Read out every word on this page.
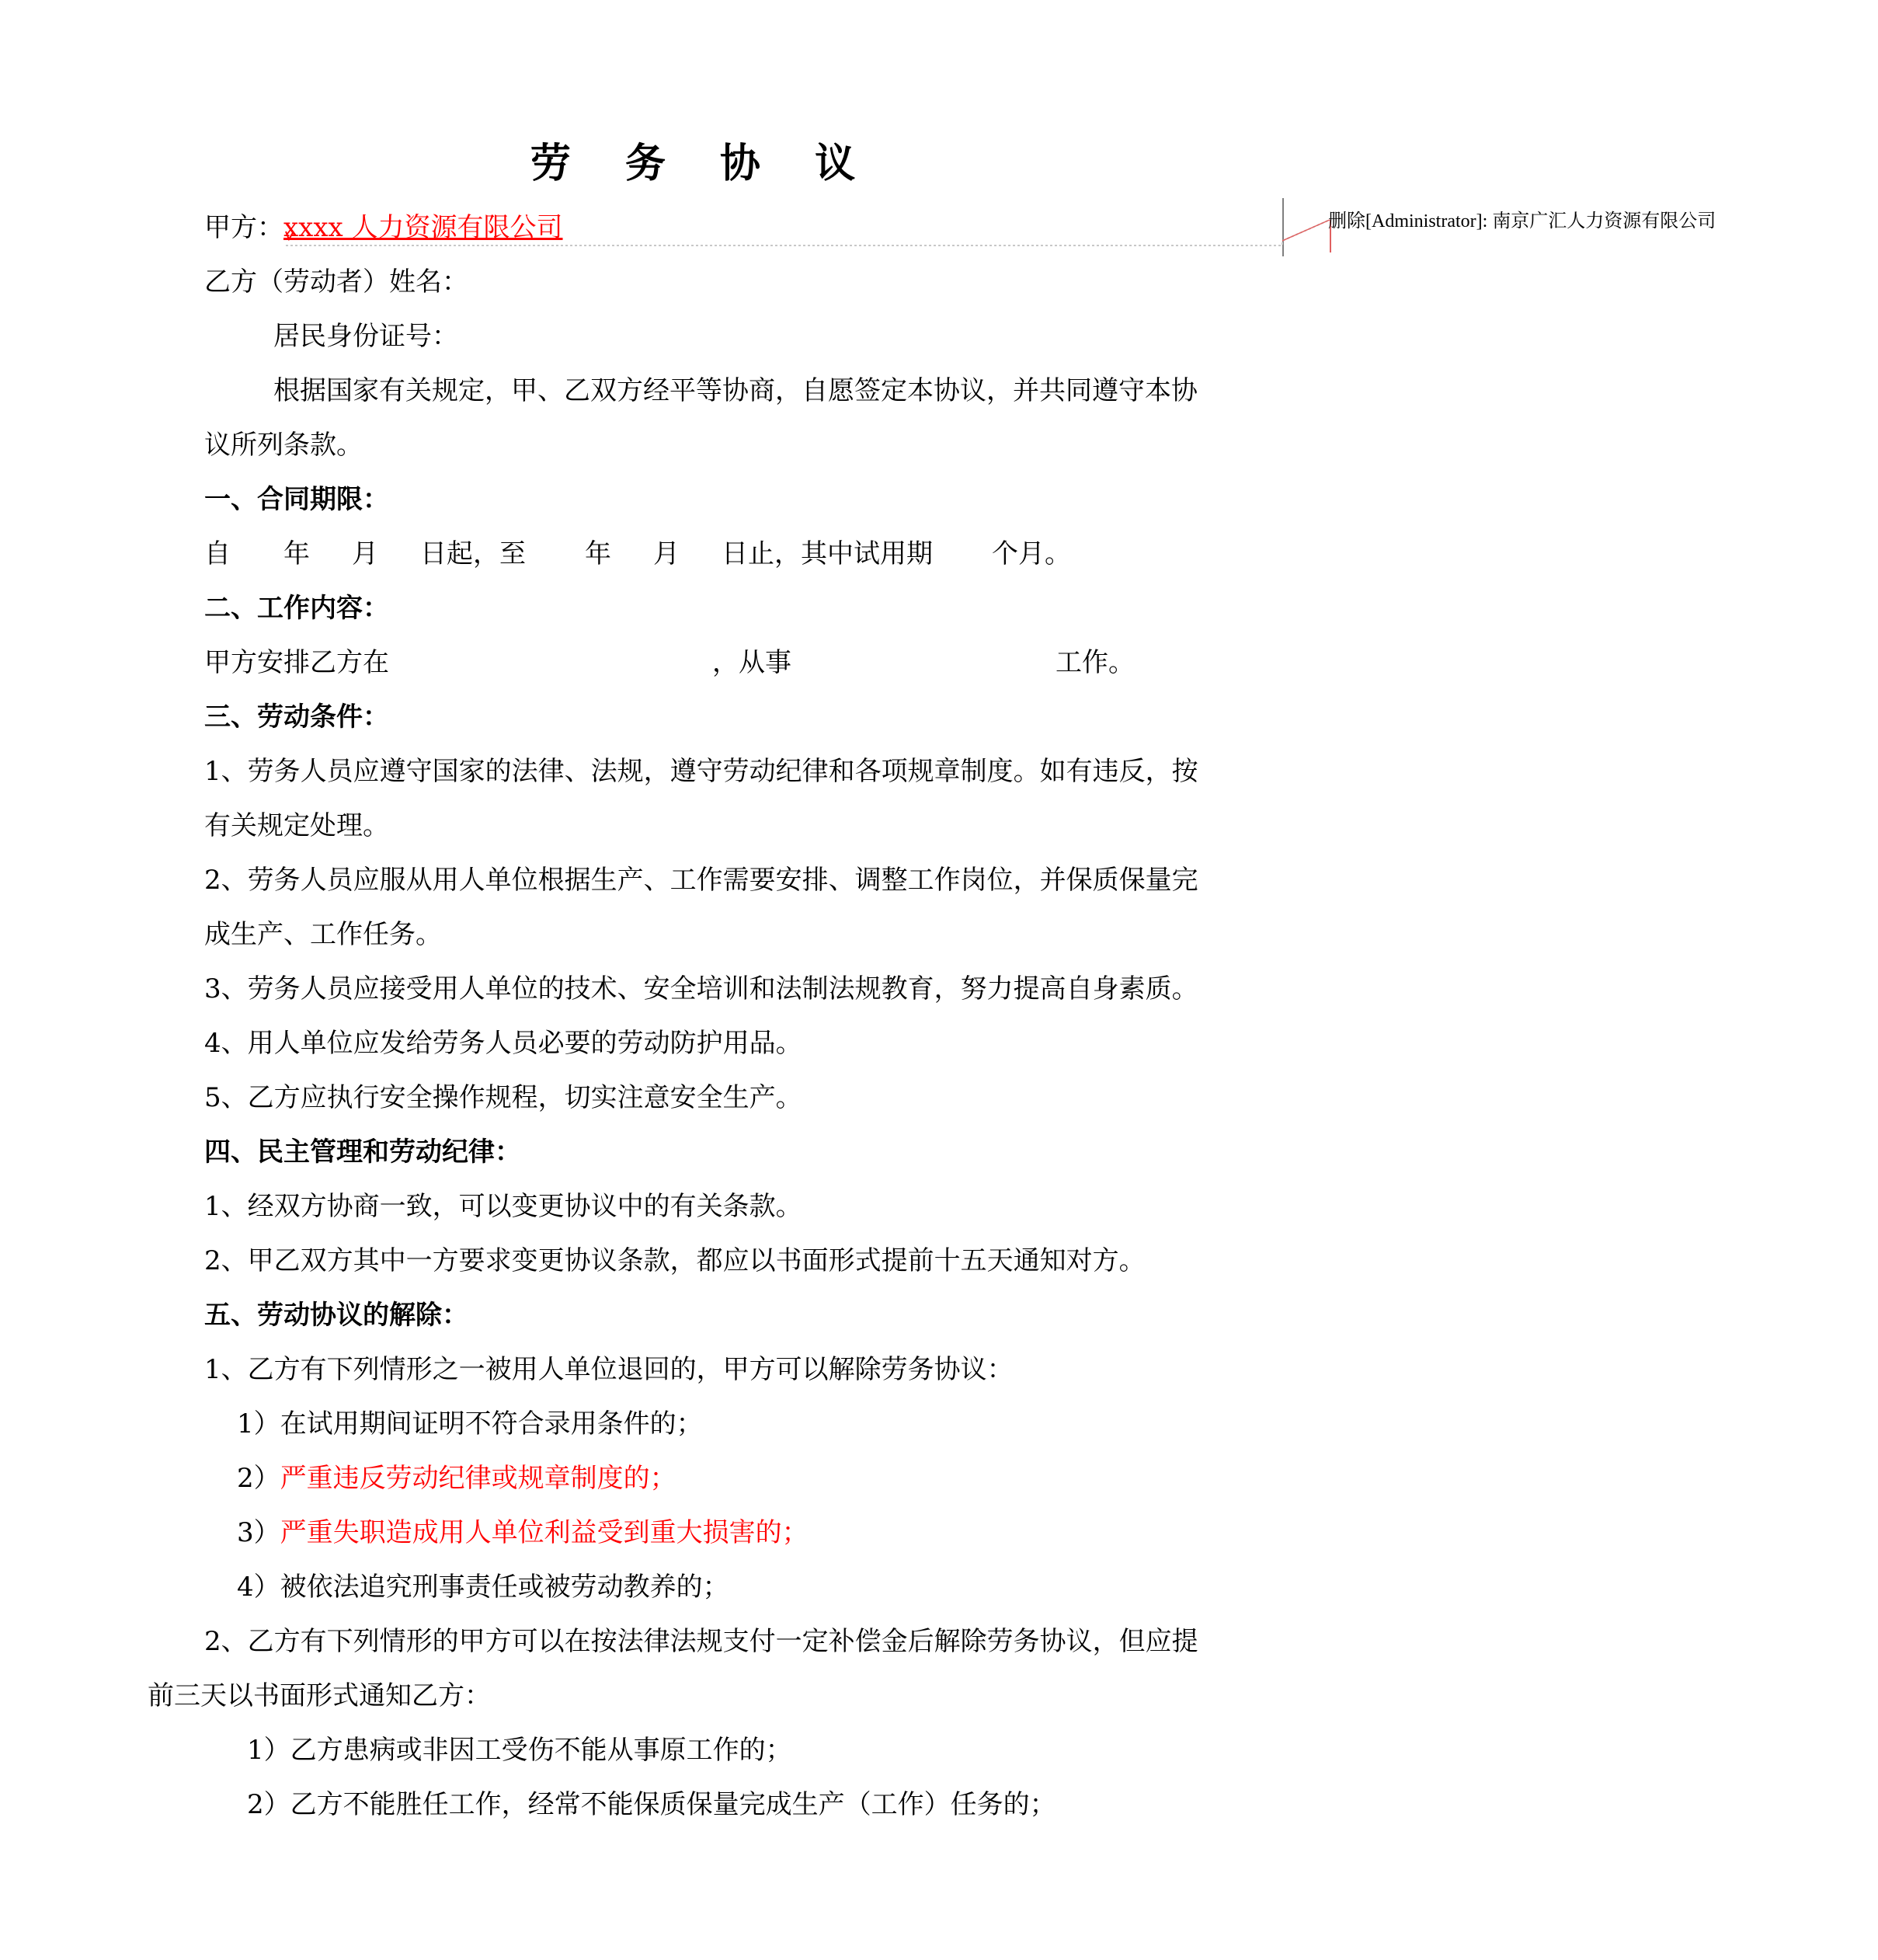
删除[Administrator]: 南京广汇人力资源有限公司
劳 务 协 议
甲方：xxxx 人力资源有限公司
乙方（劳动者）姓名：
居民身份证号：
根据国家有关规定，甲、乙双方经平等协商，自愿签定本协议，并共同遵守本协
议所列条款。
一、合同期限：
自 年 月 日起，至 年 月 日止，其中试用期 个月。
二、工作内容：
甲方安排乙方在	，从事	工作。
三、劳动条件：
1、劳务人员应遵守国家的法律、法规，遵守劳动纪律和各项规章制度。如有违反，按
有关规定处理。
2、劳务人员应服从用人单位根据生产、工作需要安排、调整工作岗位，并保质保量完
成生产、工作任务。
3、劳务人员应接受用人单位的技术、安全培训和法制法规教育，努力提高自身素质。
4、用人单位应发给劳务人员必要的劳动防护用品。
5、乙方应执行安全操作规程，切实注意安全生产。
四、民主管理和劳动纪律：
1、经双方协商一致，可以变更协议中的有关条款。
2、甲乙双方其中一方要求变更协议条款，都应以书面形式提前十五天通知对方。
五、劳动协议的解除：
1、乙方有下列情形之一被用人单位退回的，甲方可以解除劳务协议：
1）在试用期间证明不符合录用条件的；
2）严重违反劳动纪律或规章制度的；
3）严重失职造成用人单位利益受到重大损害的；
4）被依法追究刑事责任或被劳动教养的；
2、乙方有下列情形的甲方可以在按法律法规支付一定补偿金后解除劳务协议，但应提
前三天以书面形式通知乙方：
1）乙方患病或非因工受伤不能从事原工作的；
2）乙方不能胜任工作，经常不能保质保量完成生产（工作）任务的；
